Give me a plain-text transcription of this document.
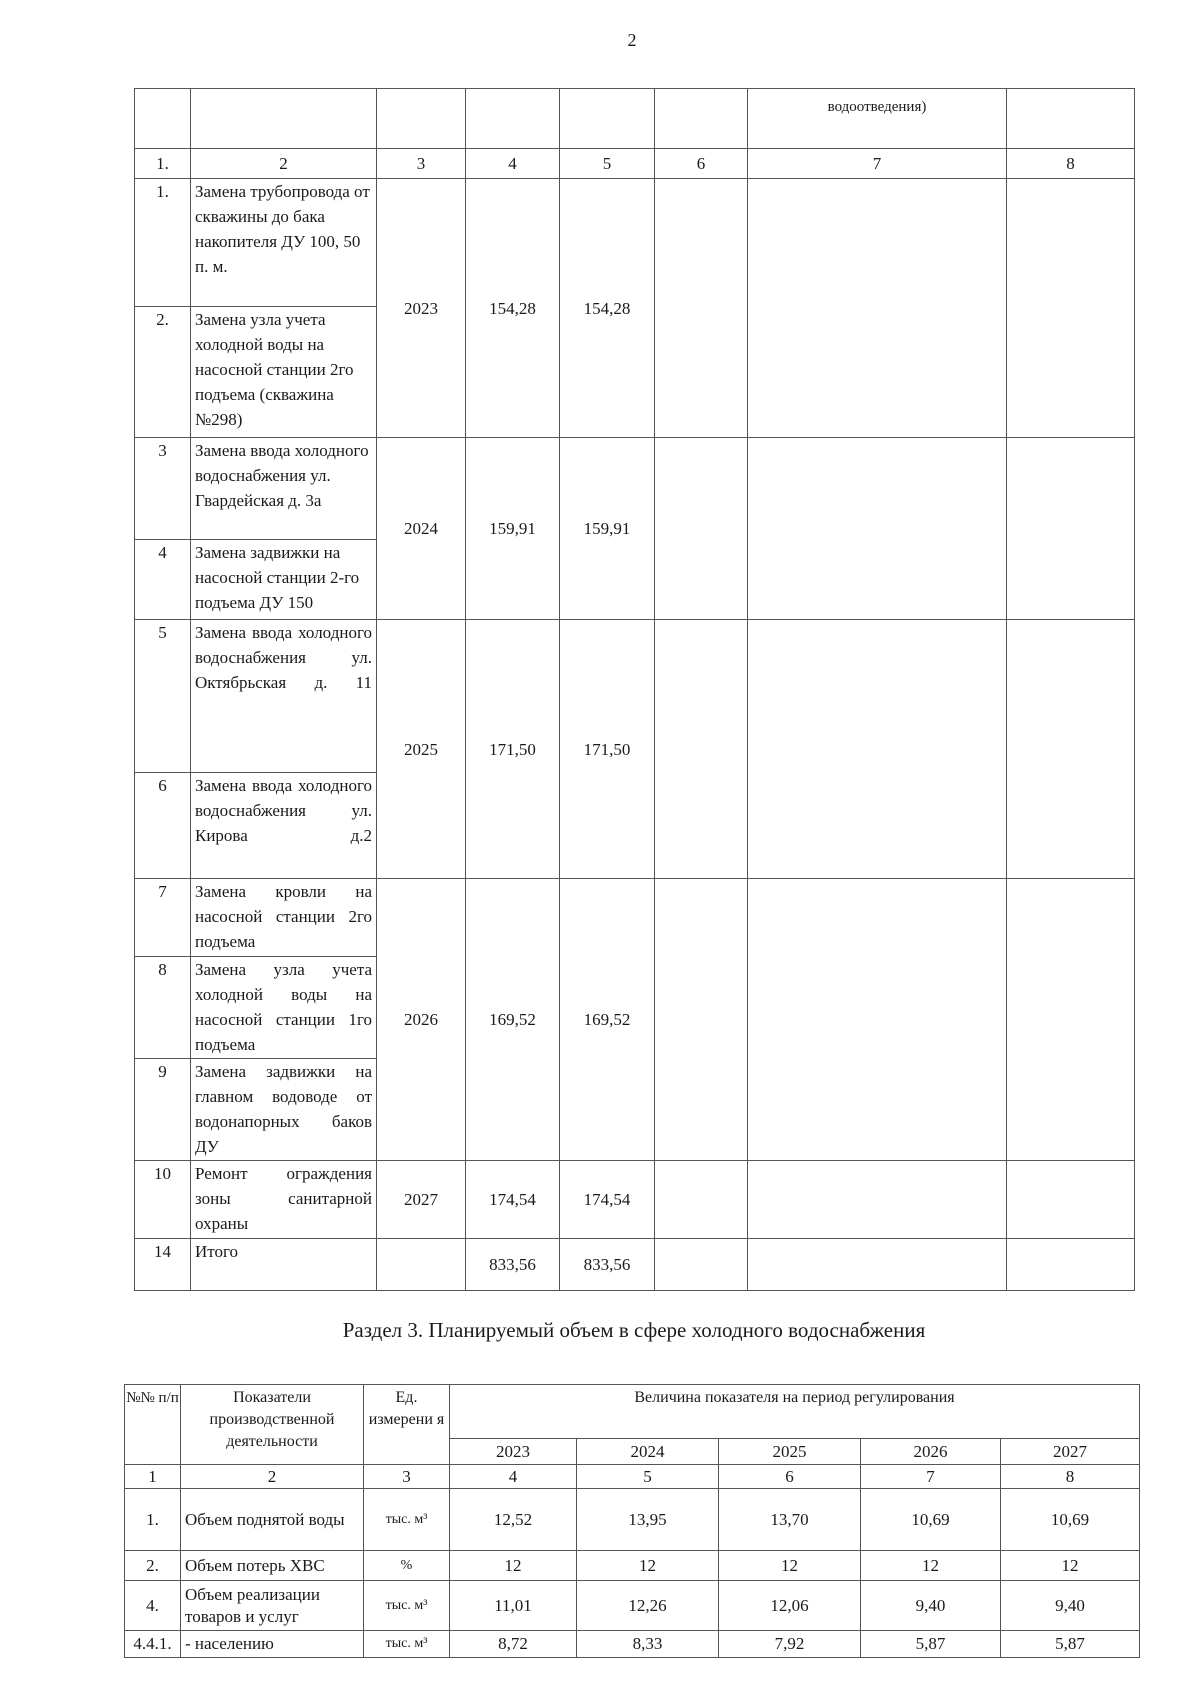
2
						водоотведения)	
1.	2	3	4	5	6	7	8
1.	Замена трубопровода от скважины до бака накопителя ДУ 100, 50 п. м.	2023	154,28	154,28			
2.	Замена узла учета холодной воды на насосной станции 2го подъема (скважина №298)						
3	Замена ввода холодного водоснабжения ул. Гвардейская д. 3а	2024	159,91	159,91			
4	Замена задвижки на насосной станции 2-го подъема ДУ 150						
5	Замена ввода холодного водоснабжения ул. Октябрьская д. 11	2025	171,50	171,50			
6	Замена ввода холодного водоснабжения ул. Кирова д.2						
7	Замена кровли на насосной станции 2го подъема	2026	169,52	169,52			
8	Замена узла учета холодной воды на насосной станции 1го подъема						
9	Замена задвижки на главном водоводе от водонапорных баков ДУ						
10	Ремонт ограждения зоны санитарной охраны	2027	174,54	174,54			
14	Итого		833,56	833,56			
Раздел 3. Планируемый объем в сфере холодного водоснабжения
№№ п/п	Показатели производственной деятельности	Ед. измерени я	Величина показателя на период регулирования				
			2023	2024	2025	2026	2027
1	2	3	4	5	6	7	8
1.	Объем поднятой воды	тыс. м³	12,52	13,95	13,70	10,69	10,69
2.	Объем потерь ХВС	%	12	12	12	12	12
4.	Объем реализации товаров и услуг	тыс. м³	11,01	12,26	12,06	9,40	9,40
4.4.1.	- населению	тыс. м³	8,72	8,33	7,92	5,87	5,87
